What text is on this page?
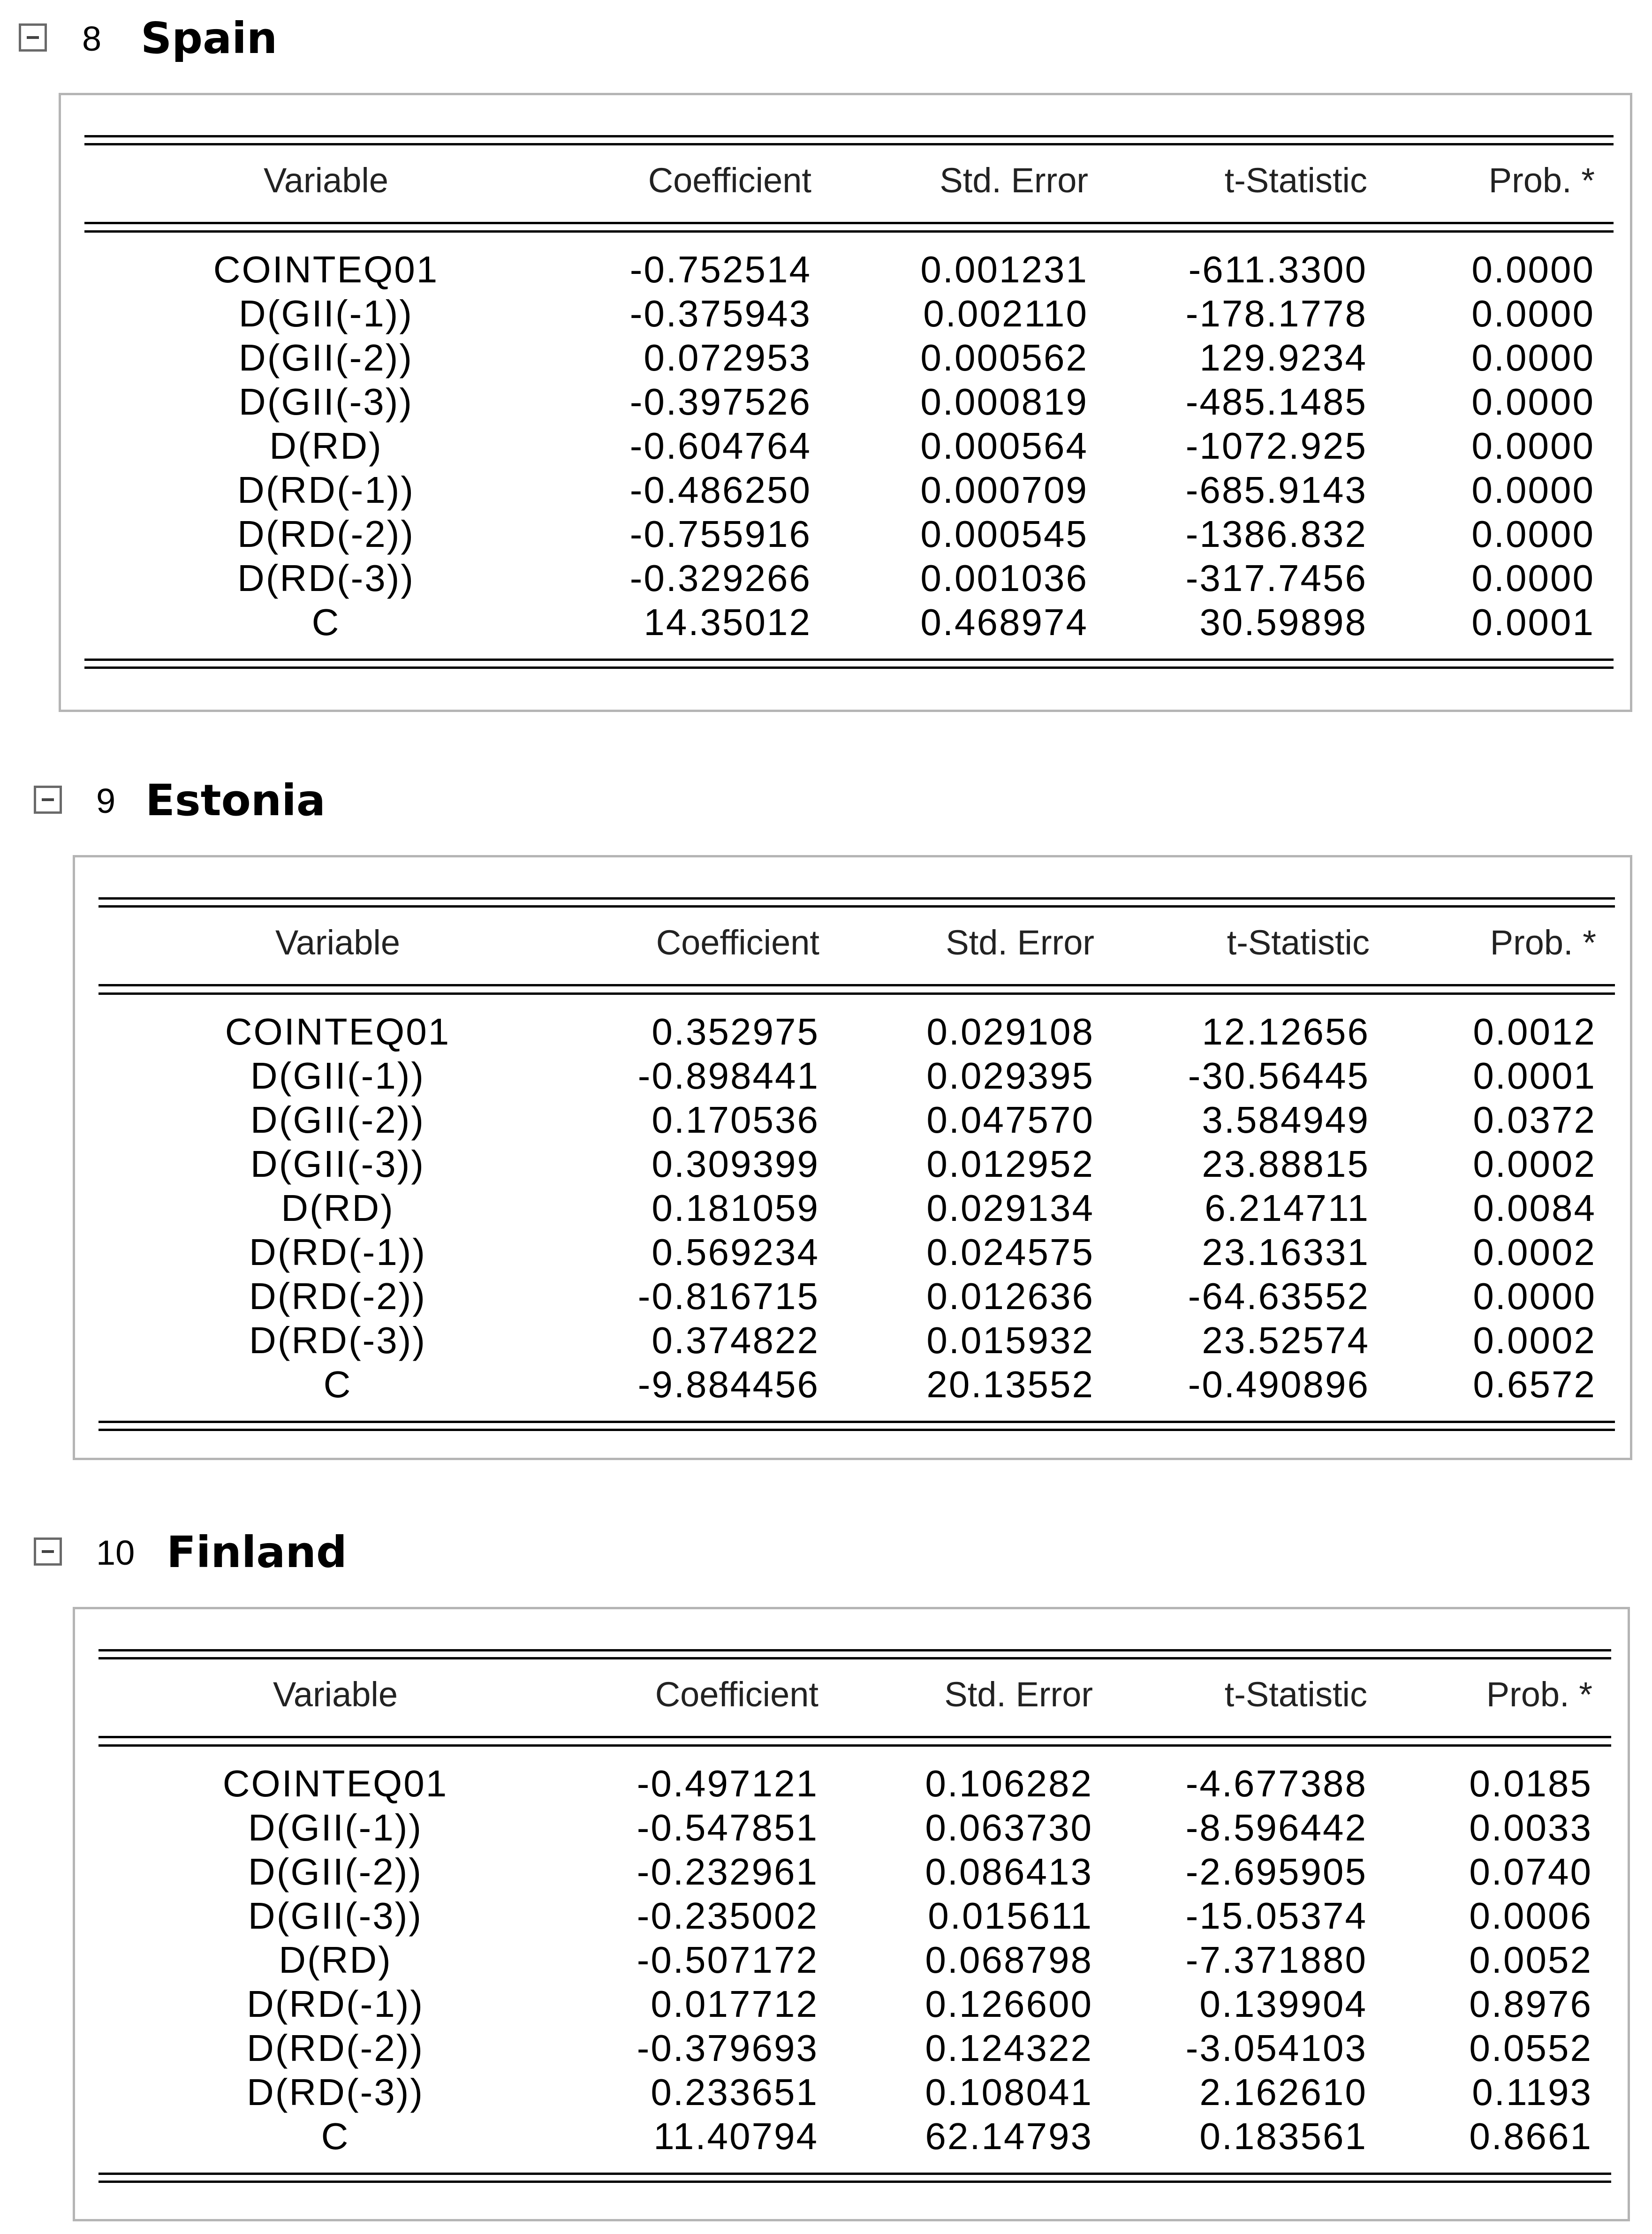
8 Spain
Variable	Coefficient	Std. Error	t-Statistic	Prob. *
COINTEQ01	-0.752514	0.001231	-611.3300	0.0000
D(GII(-1))	-0.375943	0.002110	-178.1778	0.0000
D(GII(-2))	0.072953	0.000562	129.9234	0.0000
D(GII(-3))	-0.397526	0.000819	-485.1485	0.0000
D(RD)	-0.604764	0.000564	-1072.925	0.0000
D(RD(-1))	-0.486250	0.000709	-685.9143	0.0000
D(RD(-2))	-0.755916	0.000545	-1386.832	0.0000
D(RD(-3))	-0.329266	0.001036	-317.7456	0.0000
C	14.35012	0.468974	30.59898	0.0001
9 Estonia
Variable	Coefficient	Std. Error	t-Statistic	Prob. *
COINTEQ01	0.352975	0.029108	12.12656	0.0012
D(GII(-1))	-0.898441	0.029395 -30.56445	0.0001
D(GII(-2))	0.170536	0.047570	3.584949	0.0372
D(GII(-3))	0.309399	0.012952	23.88815	0.0002
D(RD)	0.181059	0.029134	6.214711	0.0084
D(RD(-1))	0.569234	0.024575	23.16331	0.0002
D(RD(-2))	-0.816715	0.012636 -64.63552	0.0000
D(RD(-3))	0.374822	0.015932	23.52574	0.0002
C	-9.884456	20.13552 -0.490896	0.6572
10 Finland
Variable	Coefficient	Std. Error	t-Statistic	Prob. *
COINTEQ01	-0.497121	0.106282 -4.677388	0.0185
D(GII(-1))	-0.547851	0.063730 -8.596442	0.0033
D(GII(-2))	-0.232961	0.086413 -2.695905	0.0740
D(GII(-3))	-0.235002	0.015611 -15.05374	0.0006
D(RD)	-0.507172	0.068798 -7.371880	0.0052
D(RD(-1))	0.017712	0.126600	0.139904	0.8976
D(RD(-2))	-0.379693	0.124322 -3.054103	0.0552
D(RD(-3))	0.233651	0.108041	2.162610	0.1193
C	11.40794	62.14793	0.183561	0.8661
